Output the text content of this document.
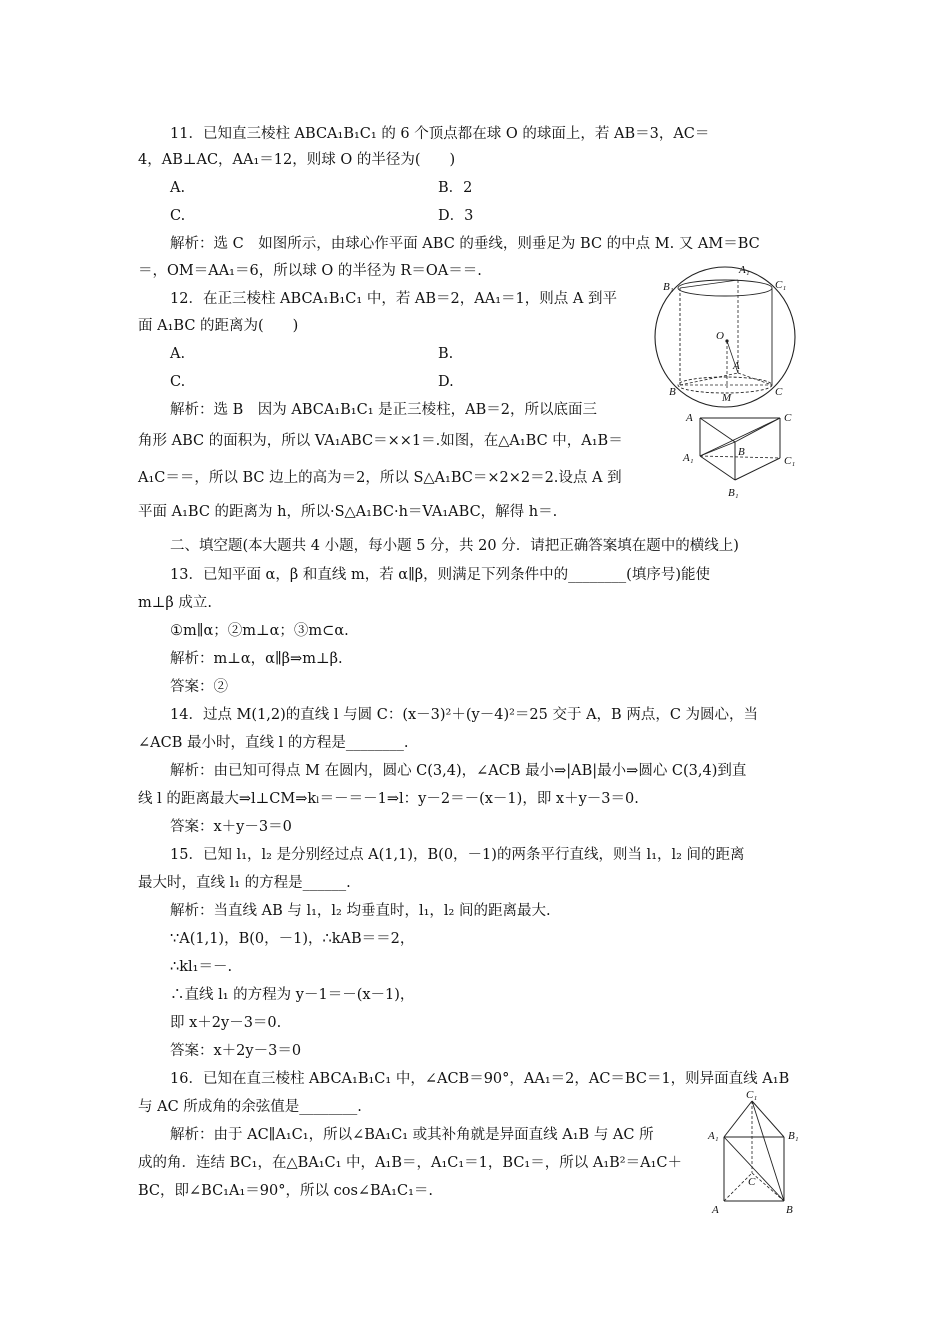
11．已知直三棱柱 ABCA₁B₁C₁ 的 6 个顶点都在球 O 的球面上，若 AB＝3，AC＝
4，AB⊥AC，AA₁＝12，则球 O 的半径为(　　)
A.	B．2
C.	D．3
解析：选 C　如图所示，由球心作平面 ABC 的垂线，则垂足为 BC 的中点 M. 又 AM＝BC
＝，OM＝AA₁＝6，所以球 O 的半径为 R＝OA＝＝.
12．在正三棱柱 ABCA₁B₁C₁ 中，若 AB＝2，AA₁＝1，则点 A 到平
面 A₁BC 的距离为(　　)
A.	B.
C.	D.
解析：选 B　因为 ABCA₁B₁C₁ 是正三棱柱，AB＝2，所以底面三
角形 ABC 的面积为，所以 VA₁ABC＝××1＝.如图，在△A₁BC 中，A₁B＝
A₁C＝＝，所以 BC 边上的高为＝2，所以 S△A₁BC＝×2×2＝2.设点 A 到
平面 A₁BC 的距离为 h，所以·S△A₁BC·h＝VA₁ABC，解得 h＝.
二、填空题(本大题共 4 小题，每小题 5 分，共 20 分．请把正确答案填在题中的横线上)
13．已知平面 α，β 和直线 m，若 α∥β，则满足下列条件中的________(填序号)能使
m⊥β 成立.
①m∥α；②m⊥α；③m⊂α.
解析：m⊥α，α∥β⇒m⊥β.
答案：②
14．过点 M(1,2)的直线 l 与圆 C：(x－3)²＋(y－4)²＝25 交于 A，B 两点，C 为圆心，当
∠ACB 最小时，直线 l 的方程是________.
解析：由已知可得点 M 在圆内，圆心 C(3,4)，∠ACB 最小⇒|AB|最小⇒圆心 C(3,4)到直
线 l 的距离最大⇒l⊥CM⇒kₗ＝－＝－1⇒l：y－2＝－(x－1)，即 x＋y－3＝0.
答案：x＋y－3＝0
15．已知 l₁，l₂ 是分别经过点 A(1,1)，B(0，－1)的两条平行直线，则当 l₁，l₂ 间的距离
最大时，直线 l₁ 的方程是______.
解析：当直线 AB 与 l₁，l₂ 均垂直时，l₁，l₂ 间的距离最大.
∵A(1,1)，B(0，－1)，∴kAB＝＝2，
∴kl₁＝－.
∴直线 l₁ 的方程为 y－1＝－(x－1)，
即 x＋2y－3＝0.
答案：x＋2y－3＝0
16．已知在直三棱柱 ABCA₁B₁C₁ 中，∠ACB＝90°，AA₁＝2，AC＝BC＝1，则异面直线 A₁B
与 AC 所成角的余弦值是________.
解析：由于 AC∥A₁C₁，所以∠BA₁C₁ 或其补角就是异面直线 A₁B 与 AC 所
成的角．连结 BC₁，在△BA₁C₁ 中，A₁B＝，A₁C₁＝1，BC₁＝，所以 A₁B²＝A₁C＋
BC，即∠BC₁A₁＝90°，所以 cos∠BA₁C₁＝.
A₁
B₁	C₁
O
A
B	M	C
A	C
A₁	B
C₁
B₁
C₁
A₁	B₁
C
A	B
